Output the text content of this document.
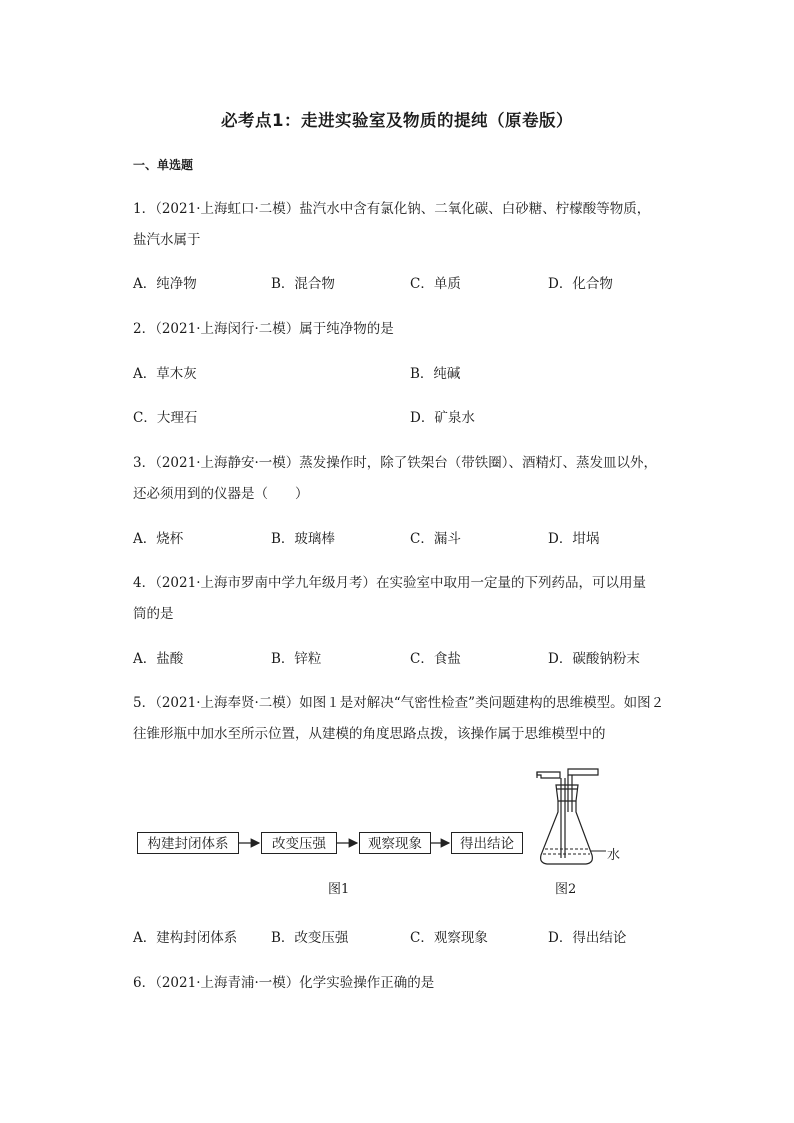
必考点1：走进实验室及物质的提纯（原卷版）
一、单选题
1．（2021·上海虹口·二模）盐汽水中含有氯化钠、二氧化碳、白砂糖、柠檬酸等物质，
盐汽水属于
A．纯净物	B．混合物	C．单质	D．化合物
2．（2021·上海闵行·二模）属于纯净物的是
A．草木灰	B．纯碱
C．大理石	D．矿泉水
3．（2021·上海静安·一模）蒸发操作时，除了铁架台（带铁圈）、酒精灯、蒸发皿以外，
还必须用到的仪器是（　　）
A．烧杯	B．玻璃棒	C．漏斗	D．坩埚
4．（2021·上海市罗南中学九年级月考）在实验室中取用一定量的下列药品，可以用量
筒的是
A．盐酸	B．锌粒	C．食盐	D．碳酸钠粉末
5．（2021·上海奉贤·二模）如图１是对解决“气密性检查”类问题建构的思维模型。如图２
往锥形瓶中加水至所示位置，从建模的角度思路点拨，该操作属于思维模型中的
构建封闭体系	改变压强	观察现象	得出结论
水
图1	图2
A．建构封闭体系	B．改变压强	C．观察现象	D．得出结论
6．（2021·上海青浦·一模）化学实验操作正确的是
